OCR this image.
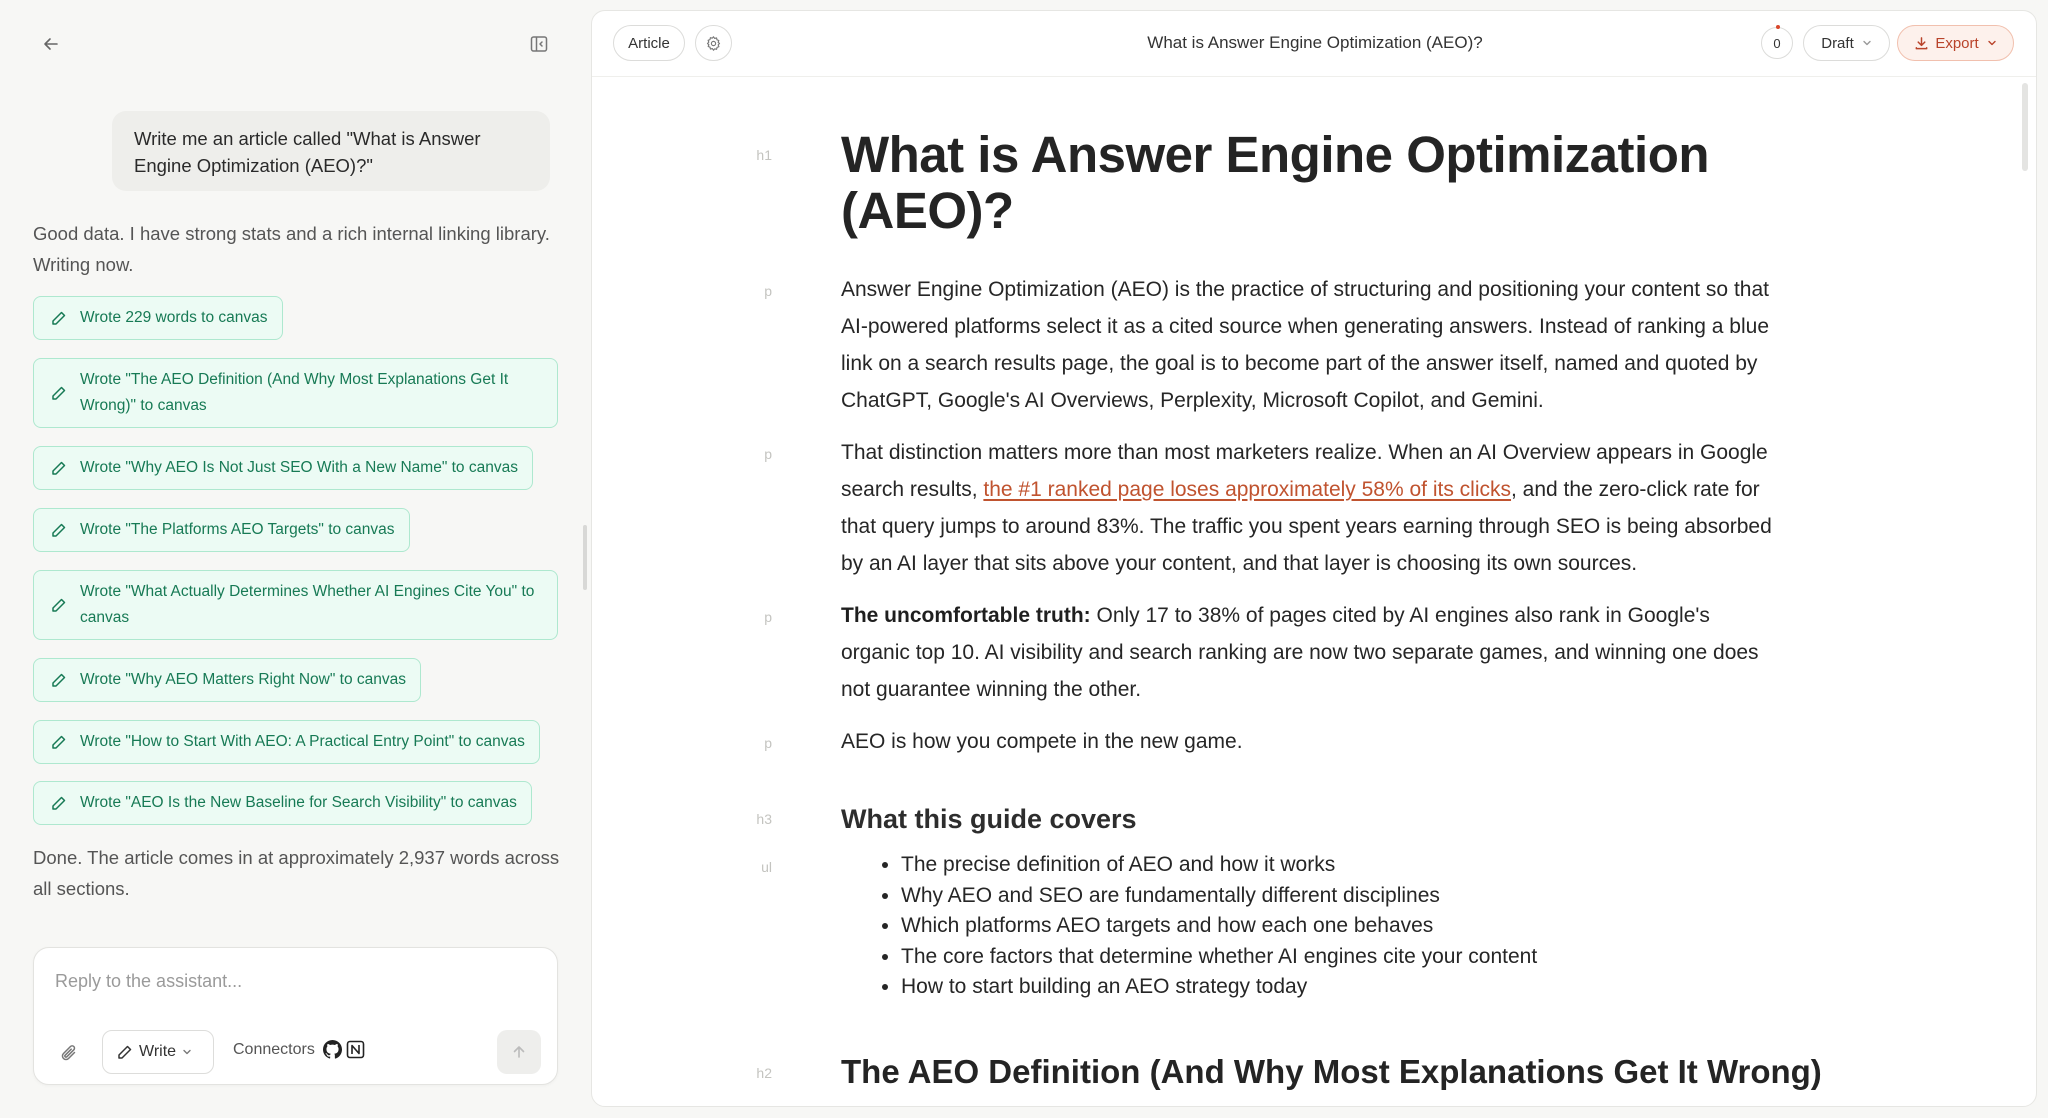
Write me an article called "What is Answer Engine Optimization (AEO)?"
Good data. I have strong stats and a rich internal linking library. Writing now.
Wrote 229 words to canvas
Wrote "The AEO Definition (And Why Most Explanations Get It Wrong)" to canvas
Wrote "Why AEO Is Not Just SEO With a New Name" to canvas
Wrote "The Platforms AEO Targets" to canvas
Wrote "What Actually Determines Whether AI Engines Cite You" to canvas
Wrote "Why AEO Matters Right Now" to canvas
Wrote "How to Start With AEO: A Practical Entry Point" to canvas
Wrote "AEO Is the New Baseline for Search Visibility" to canvas
Done. The article comes in at approximately 2,937 words across all sections.
Reply to the assistant...
Write	Connectors
Article	What is Answer Engine Optimization (AEO)?	0	Draft	Export
h1 What is Answer Engine Optimization (AEO)?
p	Answer Engine Optimization (AEO) is the practice of structuring and positioning your content so that AI-powered platforms select it as a cited source when generating answers. Instead of ranking a blue link on a search results page, the goal is to become part of the answer itself, named and quoted by ChatGPT, Google's AI Overviews, Perplexity, Microsoft Copilot, and Gemini.
p	That distinction matters more than most marketers realize. When an AI Overview appears in Google search results, the #1 ranked page loses approximately 58% of its clicks, and the zero-click rate for that query jumps to around 83%. The traffic you spent years earning through SEO is being absorbed by an AI layer that sits above your content, and that layer is choosing its own sources.
p	The uncomfortable truth: Only 17 to 38% of pages cited by AI engines also rank in Google's organic top 10. AI visibility and search ranking are now two separate games, and winning one does not guarantee winning the other.
p	AEO is how you compete in the new game.
h3	What this guide covers
ul
•	The precise definition of AEO and how it works
• Why AEO and SEO are fundamentally different disciplines
• Which platforms AEO targets and how each one behaves
• The core factors that determine whether AI engines cite your content
• How to start building an AEO strategy today
h2 The AEO Definition (And Why Most Explanations Get It Wrong)
